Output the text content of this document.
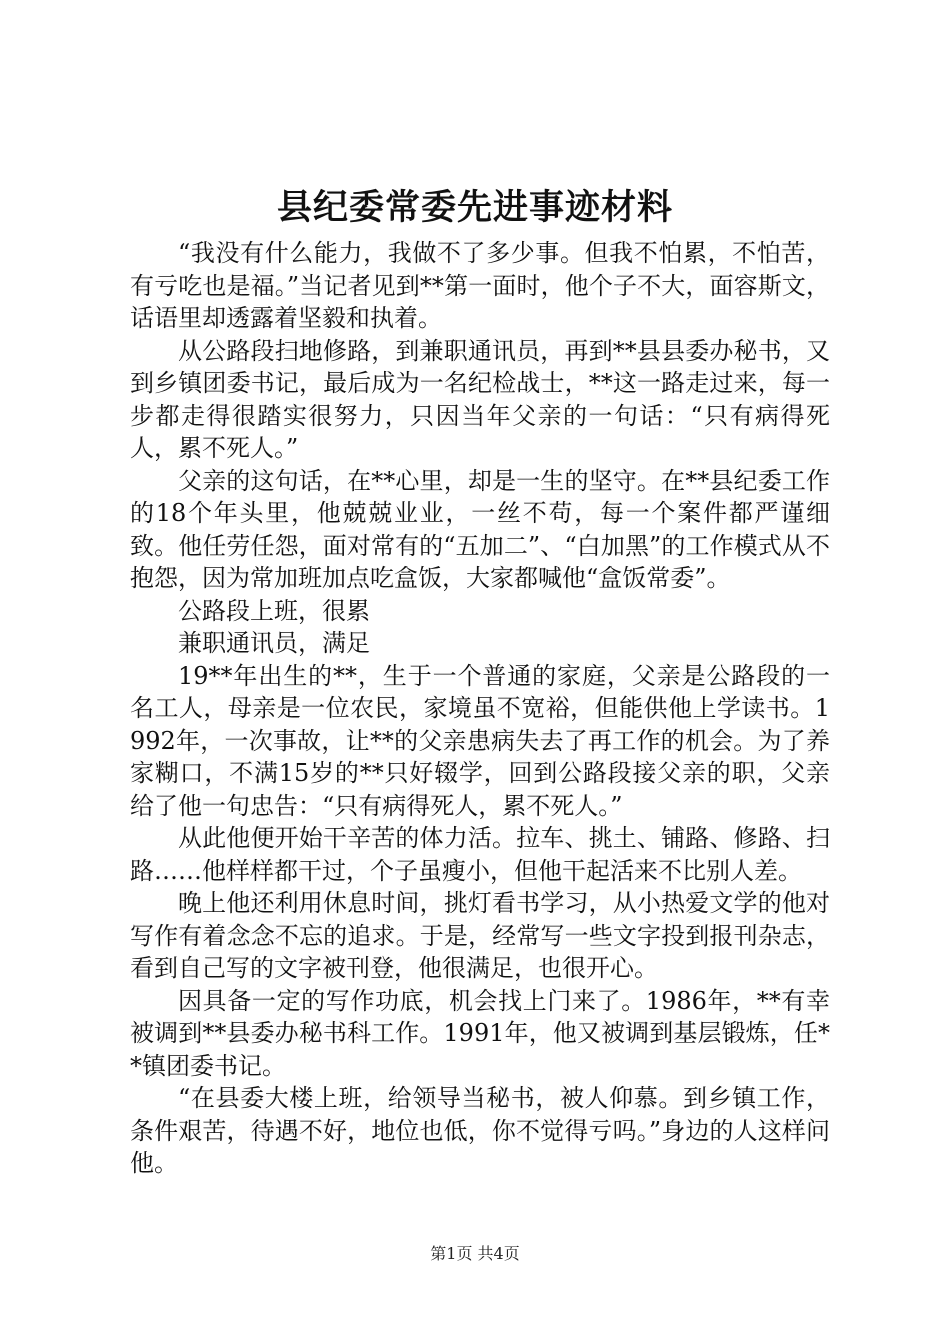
县纪委常委先进事迹材料

“我没有什么能力，我做不了多少事。但我不怕累，不怕苦，有亏吃也是福。”当记者见到**第一面时，他个子不大，面容斯文，话语里却透露着坚毅和执着。

从公路段扫地修路，到兼职通讯员，再到**县县委办秘书，又到乡镇团委书记，最后成为一名纪检战士，**这一路走过来，每一步都走得很踏实很努力，只因当年父亲的一句话：“只有病得死人，累不死人。”

父亲的这句话，在**心里，却是一生的坚守。在**县纪委工作的18个年头里，他兢兢业业，一丝不苟，每一个案件都严谨细致。他任劳任怨，面对常有的“五加二”、“白加黑”的工作模式从不抱怨，因为常加班加点吃盒饭，大家都喊他“盒饭常委”。

公路段上班，很累

兼职通讯员，满足

19**年出生的**，生于一个普通的家庭，父亲是公路段的一名工人，母亲是一位农民，家境虽不宽裕，但能供他上学读书。1992年，一次事故，让**的父亲患病失去了再工作的机会。为了养家糊口，不满15岁的**只好辍学，回到公路段接父亲的职，父亲给了他一句忠告：“只有病得死人，累不死人。”

从此他便开始干辛苦的体力活。拉车、挑土、铺路、修路、扫路……他样样都干过，个子虽瘦小，但他干起活来不比别人差。

晚上他还利用休息时间，挑灯看书学习，从小热爱文学的他对写作有着念念不忘的追求。于是，经常写一些文字投到报刊杂志，看到自己写的文字被刊登，他很满足，也很开心。

因具备一定的写作功底，机会找上门来了。1986年，**有幸被调到**县委办秘书科工作。1991年，他又被调到基层锻炼，任**镇团委书记。

“在县委大楼上班，给领导当秘书，被人仰慕。到乡镇工作，条件艰苦，待遇不好，地位也低，你不觉得亏吗。”身边的人这样问他。

第1页 共4页
